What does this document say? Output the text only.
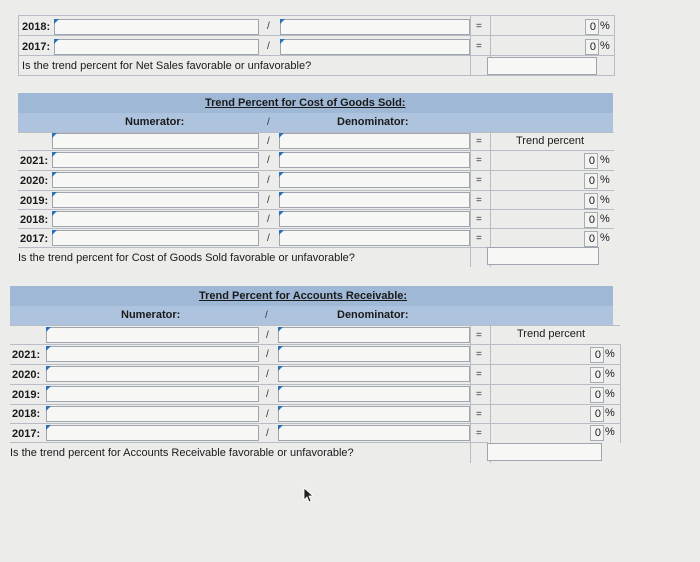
2018:	/	=	0 %
2017:	/	=	0 %
Is the trend percent for Net Sales favorable or unfavorable?
Trend Percent for Cost of Goods Sold:
Numerator:	/	Denominator:
/	=	Trend percent
2021:	/	=	0 %
2020:	/	=	0 %
2019:	/	=	0 %
2018:	/	=	0 %
2017:	/	=	0 %
Is the trend percent for Cost of Goods Sold favorable or unfavorable?
Trend Percent for Accounts Receivable:
Numerator:	/	Denominator:
/	=	Trend percent
2021:	/	=	0 %
2020:	/	=	0 %
2019:	/	=	0 %
2018:	/	=	0 %
2017:	/	=	0 %
Is the trend percent for Accounts Receivable favorable or unfavorable?
